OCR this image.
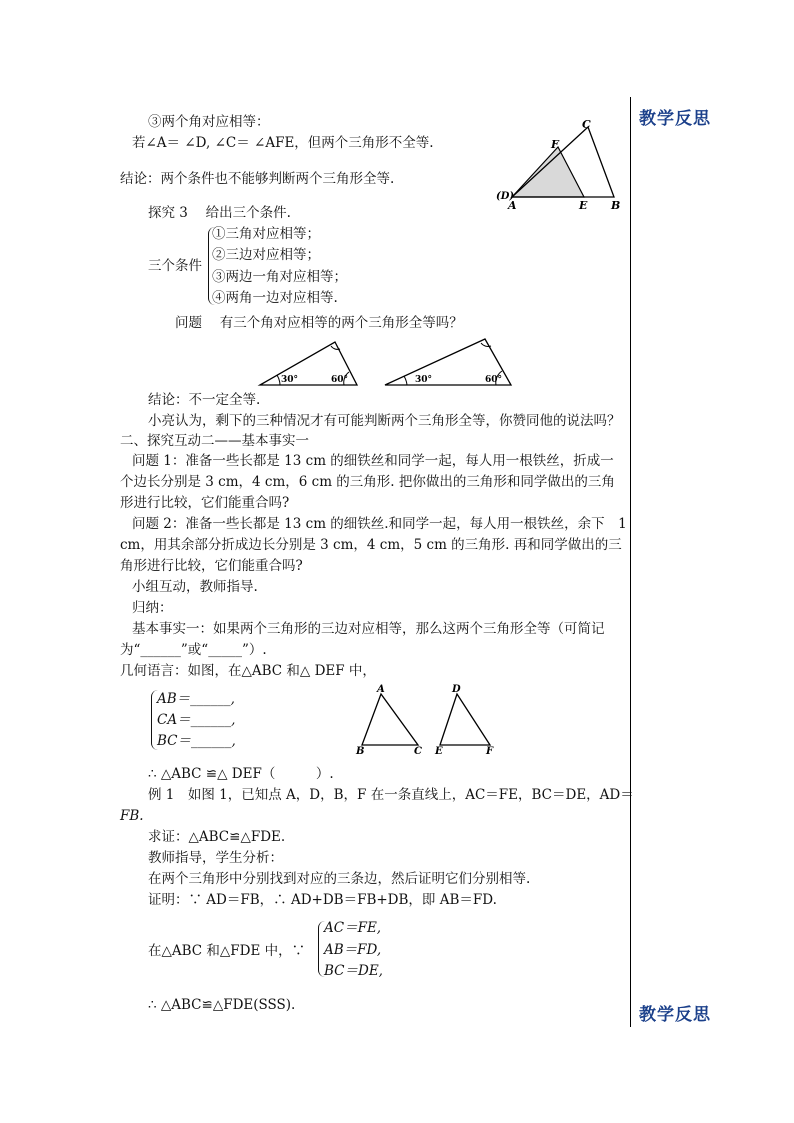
教学反思
教学反思
③两个角对应相等：
若∠A＝ ∠D, ∠C＝ ∠AFE，但两个三角形不全等.
结论：两个条件也不能够判断两个三角形全等.
C
F
(D)
A	E B
探究 3　 给出三个条件.
三个条件
①三角对应相等；
②三边对应相等；
③两边一角对应相等；
④两角一边对应相等.
问题　 有三个角对应相等的两个三角形全等吗？
30°	60°	30°	60°
结论：不一定全等.
小亮认为，剩下的三种情况才有可能判断两个三角形全等，你赞同他的说法吗？
二、探究互动二——基本事实一
问题 1：准备一些长都是 13 cm 的细铁丝和同学一起，每人用一根铁丝，折成一
个边长分别是 3 cm，4 cm，6 cm 的三角形. 把你做出的三角形和同学做出的三角
形进行比较，它们能重合吗?
问题 2：准备一些长都是 13 cm 的细铁丝.和同学一起，每人用一根铁丝，余下　1
cm，用其余部分折成边长分别是 3 cm，4 cm，5 cm 的三角形. 再和同学做出的三
角形进行比较，它们能重合吗?
小组互动，教师指导.
归纳：
基本事实一：如果两个三角形的三边对应相等，那么这两个三角形全等（可简记
为“______”或“_____”）.
几何语言：如图，在△ABC 和△ DEF 中，
AB＝______,
CA＝______,
BC＝______,
A
B	C
D
E	F
∴ △ABC ≌△ DEF（　　　）.
例 1　如图 1，已知点 A，D，B，F 在一条直线上，AC＝FE，BC＝DE，AD＝
FB.
求证：△ABC≌△FDE.
教师指导，学生分析：
在两个三角形中分别找到对应的三条边，然后证明它们分别相等.
证明：∵ AD＝FB，∴ AD+DB＝FB+DB，即 AB＝FD.
在△ABC 和△FDE 中，∵
AC＝FE,
AB＝FD,
BC＝DE,
∴ △ABC≌△FDE(SSS).
